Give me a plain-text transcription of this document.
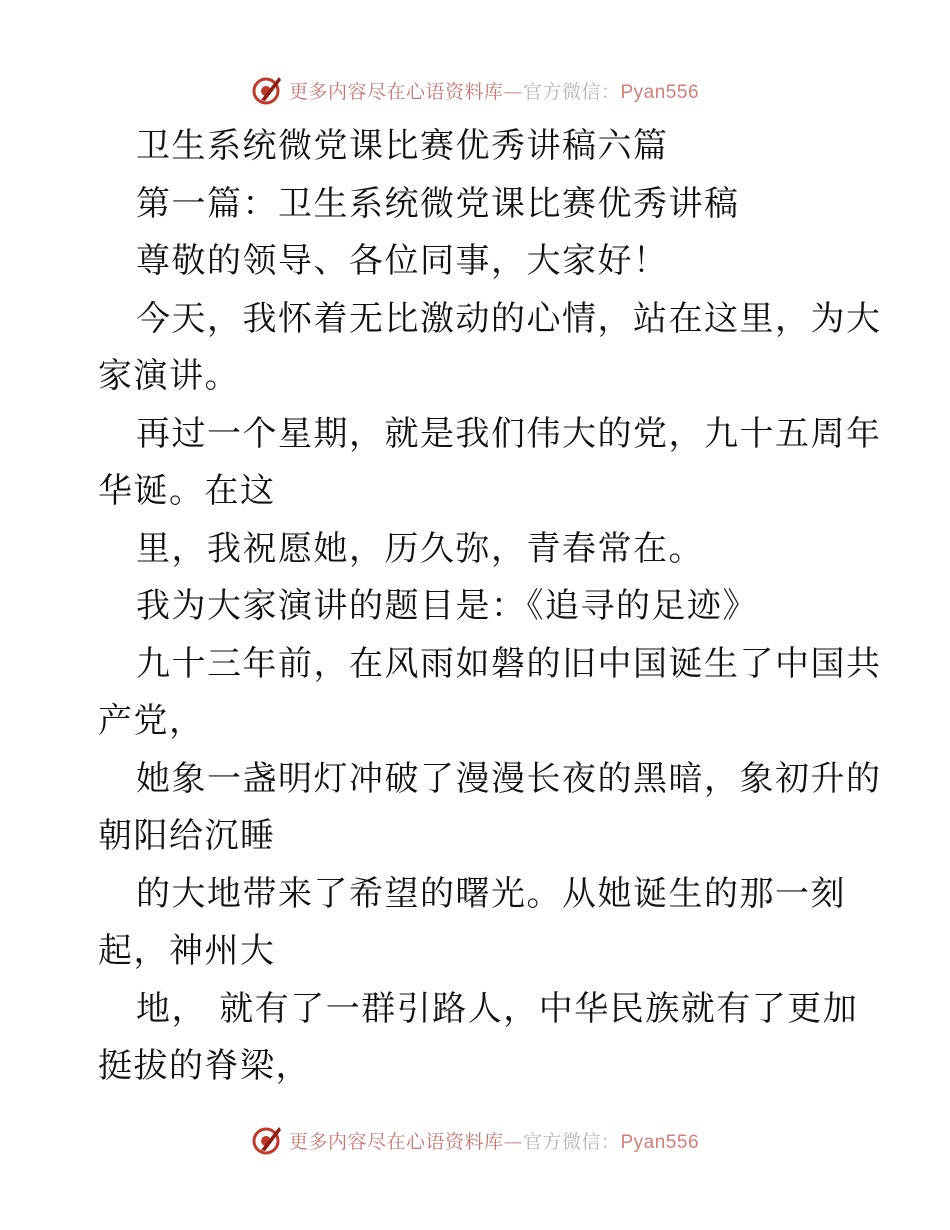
更多内容尽在心语资料库—官方微信：Pyan556
卫生系统微党课比赛优秀讲稿六篇
第一篇：卫生系统微党课比赛优秀讲稿
尊敬的领导、各位同事，大家好！
今天，我怀着无比激动的心情，站在这里，为大
家演讲。
再过一个星期，就是我们伟大的党，九十五周年
华诞。在这
里，我祝愿她，历久弥，青春常在。
我为大家演讲的题目是：《追寻的足迹》
九十三年前，在风雨如磐的旧中国诞生了中国共
产党，
她象一盏明灯冲破了漫漫长夜的黑暗，象初升的
朝阳给沉睡
的大地带来了希望的曙光。从她诞生的那一刻
起，神州大
地， 就有了一群引路人，中华民族就有了更加
挺拔的脊梁，
更多内容尽在心语资料库—官方微信：Pyan556
